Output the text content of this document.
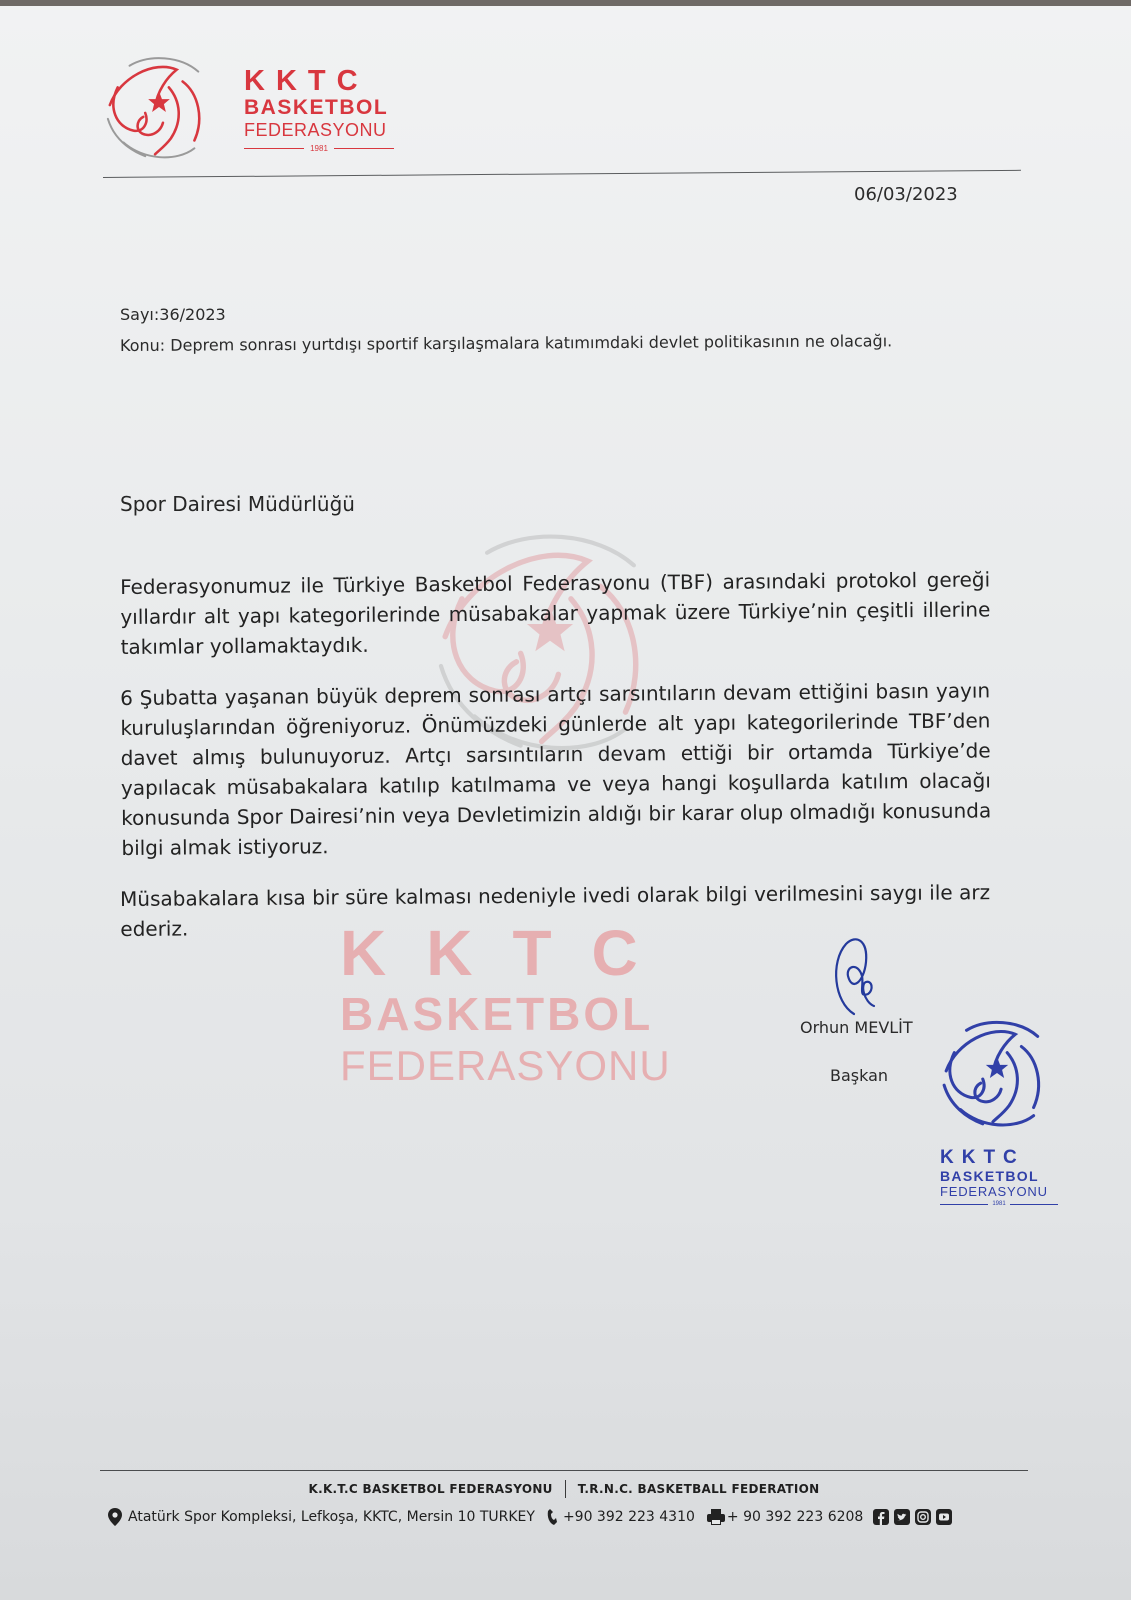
KKTC
BASKETBOL
FEDERASYONU
1981
06/03/2023
Sayı:36/2023
Konu: Deprem sonrası yurtdışı sportif karşılaşmalara katımımdaki devlet politikasının ne olacağı.
Spor Dairesi Müdürlüğü
KKTC
BASKETBOL
FEDERASYONU
Federasyonumuz ile Türkiye Basketbol Federasyonu (TBF) arasındaki protokol gereği yıllardır alt yapı kategorilerinde müsabakalar yapmak üzere Türkiye’nin çeşitli illerine takımlar yollamaktaydık.
6 Şubatta yaşanan büyük deprem sonrası artçı sarsıntıların devam ettiğini basın yayın kuruluşlarından öğreniyoruz. Önümüzdeki günlerde alt yapı kategorilerinde TBF’den davet almış bulunuyoruz. Artçı sarsıntıların devam ettiği bir ortamda Türkiye’de yapılacak müsabakalara katılıp katılmama ve veya hangi koşullarda katılım olacağı konusunda Spor Dairesi’nin veya Devletimizin aldığı bir karar olup olmadığı konusunda bilgi almak istiyoruz.
Müsabakalara kısa bir süre kalması nedeniyle ivedi olarak bilgi verilmesini saygı ile arz ederiz.
Orhun MEVLİT
Başkan
KKTC
BASKETBOL
FEDERASYONU
1981
K.K.T.C BASKETBOL FEDERASYONU T.R.N.C. BASKETBALL FEDERATION
Atatürk Spor Kompleksi, Lefkoşa, KKTC, Mersin 10 TURKEY +90 392 223 4310 + 90 392 223 6208
